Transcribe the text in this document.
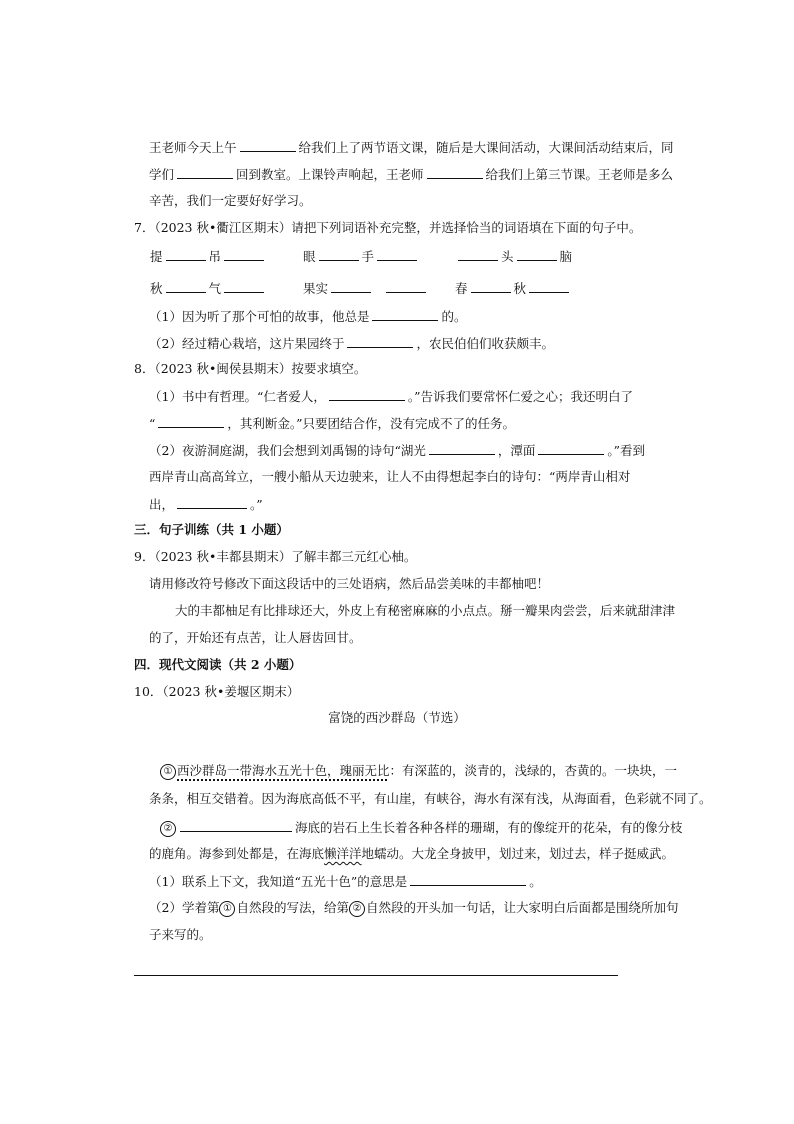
王老师今天上午	给我们上了两节语文课，随后是大课间活动，大课间活动结束后，同
学们	回到教室。上课铃声响起，王老师	给我们上第三节课。王老师是多么
辛苦，我们一定要好好学习。
7．（2023 秋•衢江区期末）请把下列词语补充完整，并选择恰当的词语填在下面的句子中。
提	吊	眼	手	头	脑
秋	气	果实	春	秋
（1）因为听了那个可怕的故事，他总是	的。
（2）经过精心栽培，这片果园终于	，农民伯伯们收获颇丰。
8．（2023 秋•闽侯县期末）按要求填空。
（1）书中有哲理。“仁者爱人，	。”告诉我们要常怀仁爱之心；我还明白了
“	，其利断金。”只要团结合作，没有完成不了的任务。
（2）夜游洞庭湖，我们会想到刘禹锡的诗句“湖光	，潭面	。”看到
西岸青山高高耸立，一艘小船从天边驶来，让人不由得想起李白的诗句：“两岸青山相对
出，	。”
三．句子训练（共 1 小题）
9．（2023 秋•丰都县期末）了解丰都三元红心柚。
请用修改符号修改下面这段话中的三处语病，然后品尝美味的丰都柚吧！
大的丰都柚足有比排球还大，外皮上有秘密麻麻的小点点。掰一瓣果肉尝尝，后来就甜津津
的了，开始还有点苦，让人唇齿回甘。
四．现代文阅读（共 2 小题）
10．（2023 秋•姜堰区期末）
富饶的西沙群岛（节选）
① 西沙群岛一带海水五光十色，瑰丽无比：有深蓝的，淡青的，浅绿的，杏黄的。一块块，一
条条，相互交错着。因为海底高低不平，有山崖，有峡谷，海水有深有浅，从海面看，色彩就不同了。
②	海底的岩石上生长着各种各样的珊瑚，有的像绽开的花朵，有的像分枝
的鹿角。海参到处都是，在海底懒洋洋地蠕动。大龙全身披甲，划过来，划过去，样子挺威武。
（1）联系上下文，我知道“五光十色”的意思是	。
（2）学着第 ① 自然段的写法，给第 ② 自然段的开头加一句话，让大家明白后面都是围绕所加句
子来写的。
